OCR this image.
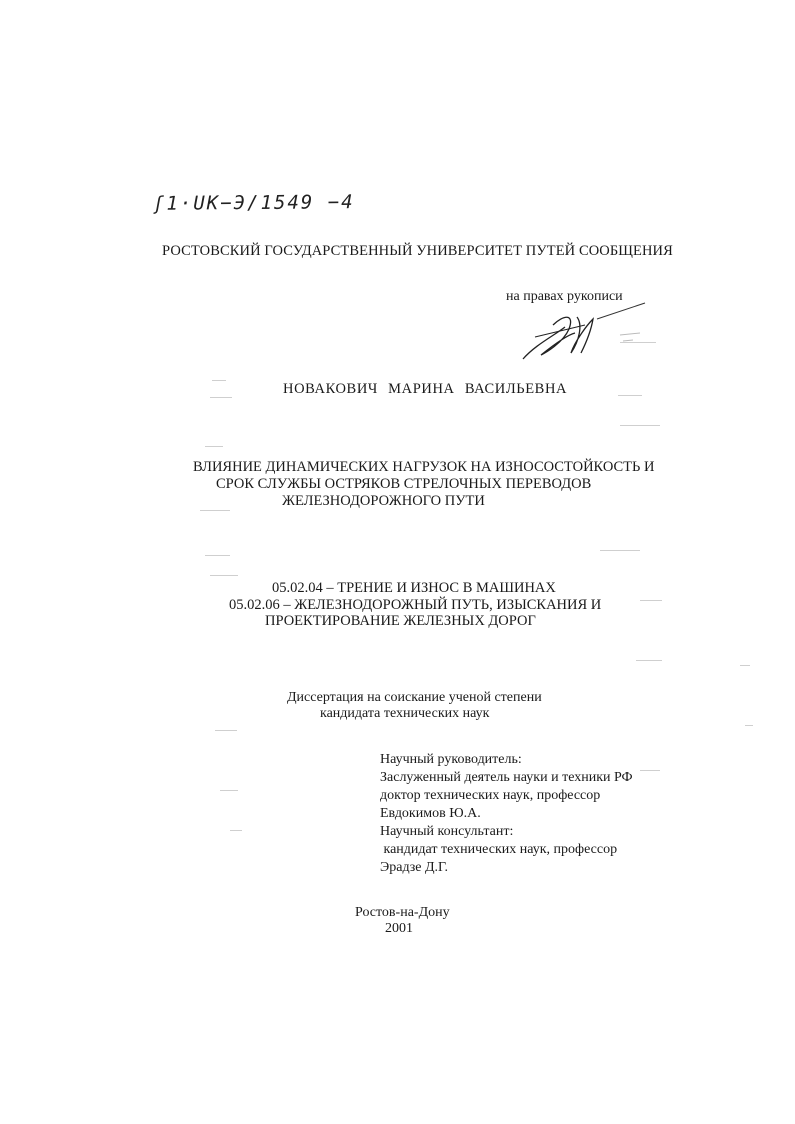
ʃ1·UK−Э/1549 −4
РОСТОВСКИЙ ГОСУДАРСТВЕННЫЙ УНИВЕРСИТЕТ ПУТЕЙ СООБЩЕНИЯ
на правах рукописи
НОВАКОВИЧ МАРИНА ВАСИЛЬЕВНА
ВЛИЯНИЕ ДИНАМИЧЕСКИХ НАГРУЗОК НА ИЗНОСОСТОЙКОСТЬ И
СРОК СЛУЖБЫ ОСТРЯКОВ СТРЕЛОЧНЫХ ПЕРЕВОДОВ
ЖЕЛЕЗНОДОРОЖНОГО ПУТИ
05.02.04 – ТРЕНИЕ И ИЗНОС В МАШИНАХ
05.02.06 – ЖЕЛЕЗНОДОРОЖНЫЙ ПУТЬ, ИЗЫСКАНИЯ И
ПРОЕКТИРОВАНИЕ ЖЕЛЕЗНЫХ ДОРОГ
Диссертация на соискание ученой степени
кандидата технических наук
Научный руководитель:
Заслуженный деятель науки и техники РФ
доктор технических наук, профессор
Евдокимов Ю.А.
Научный консультант:
кандидат технических наук, профессор
Эрадзе Д.Г.
Ростов-на-Дону
2001
